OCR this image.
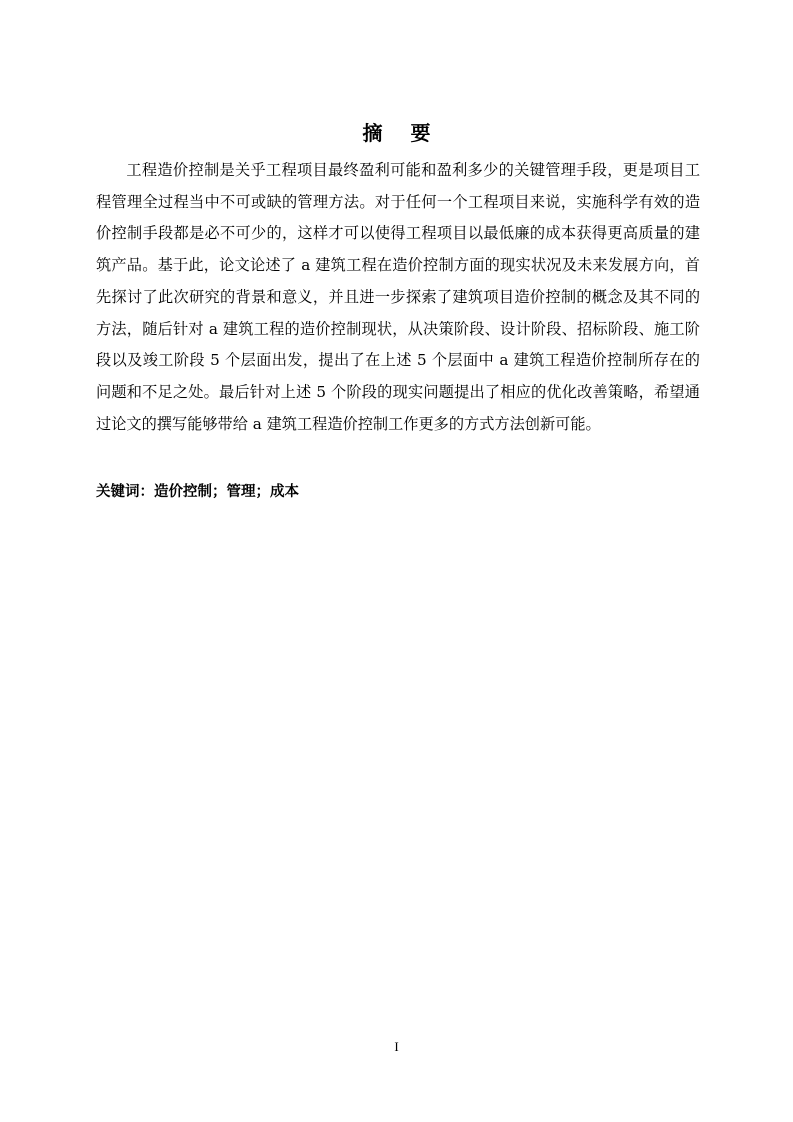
摘要

工程造价控制是关乎工程项目最终盈利可能和盈利多少的关键管理手段，更是项目工程管理全过程当中不可或缺的管理方法。对于任何一个工程项目来说，实施科学有效的造价控制手段都是必不可少的，这样才可以使得工程项目以最低廉的成本获得更高质量的建筑产品。基于此，论文论述了 a 建筑工程在造价控制方面的现实状况及未来发展方向，首先探讨了此次研究的背景和意义，并且进一步探索了建筑项目造价控制的概念及其不同的方法，随后针对 a 建筑工程的造价控制现状，从决策阶段、设计阶段、招标阶段、施工阶段以及竣工阶段 5 个层面出发，提出了在上述 5 个层面中 a 建筑工程造价控制所存在的问题和不足之处。最后针对上述 5 个阶段的现实问题提出了相应的优化改善策略，希望通过论文的撰写能够带给 a 建筑工程造价控制工作更多的方式方法创新可能。

关键词：造价控制；管理；成本
I
